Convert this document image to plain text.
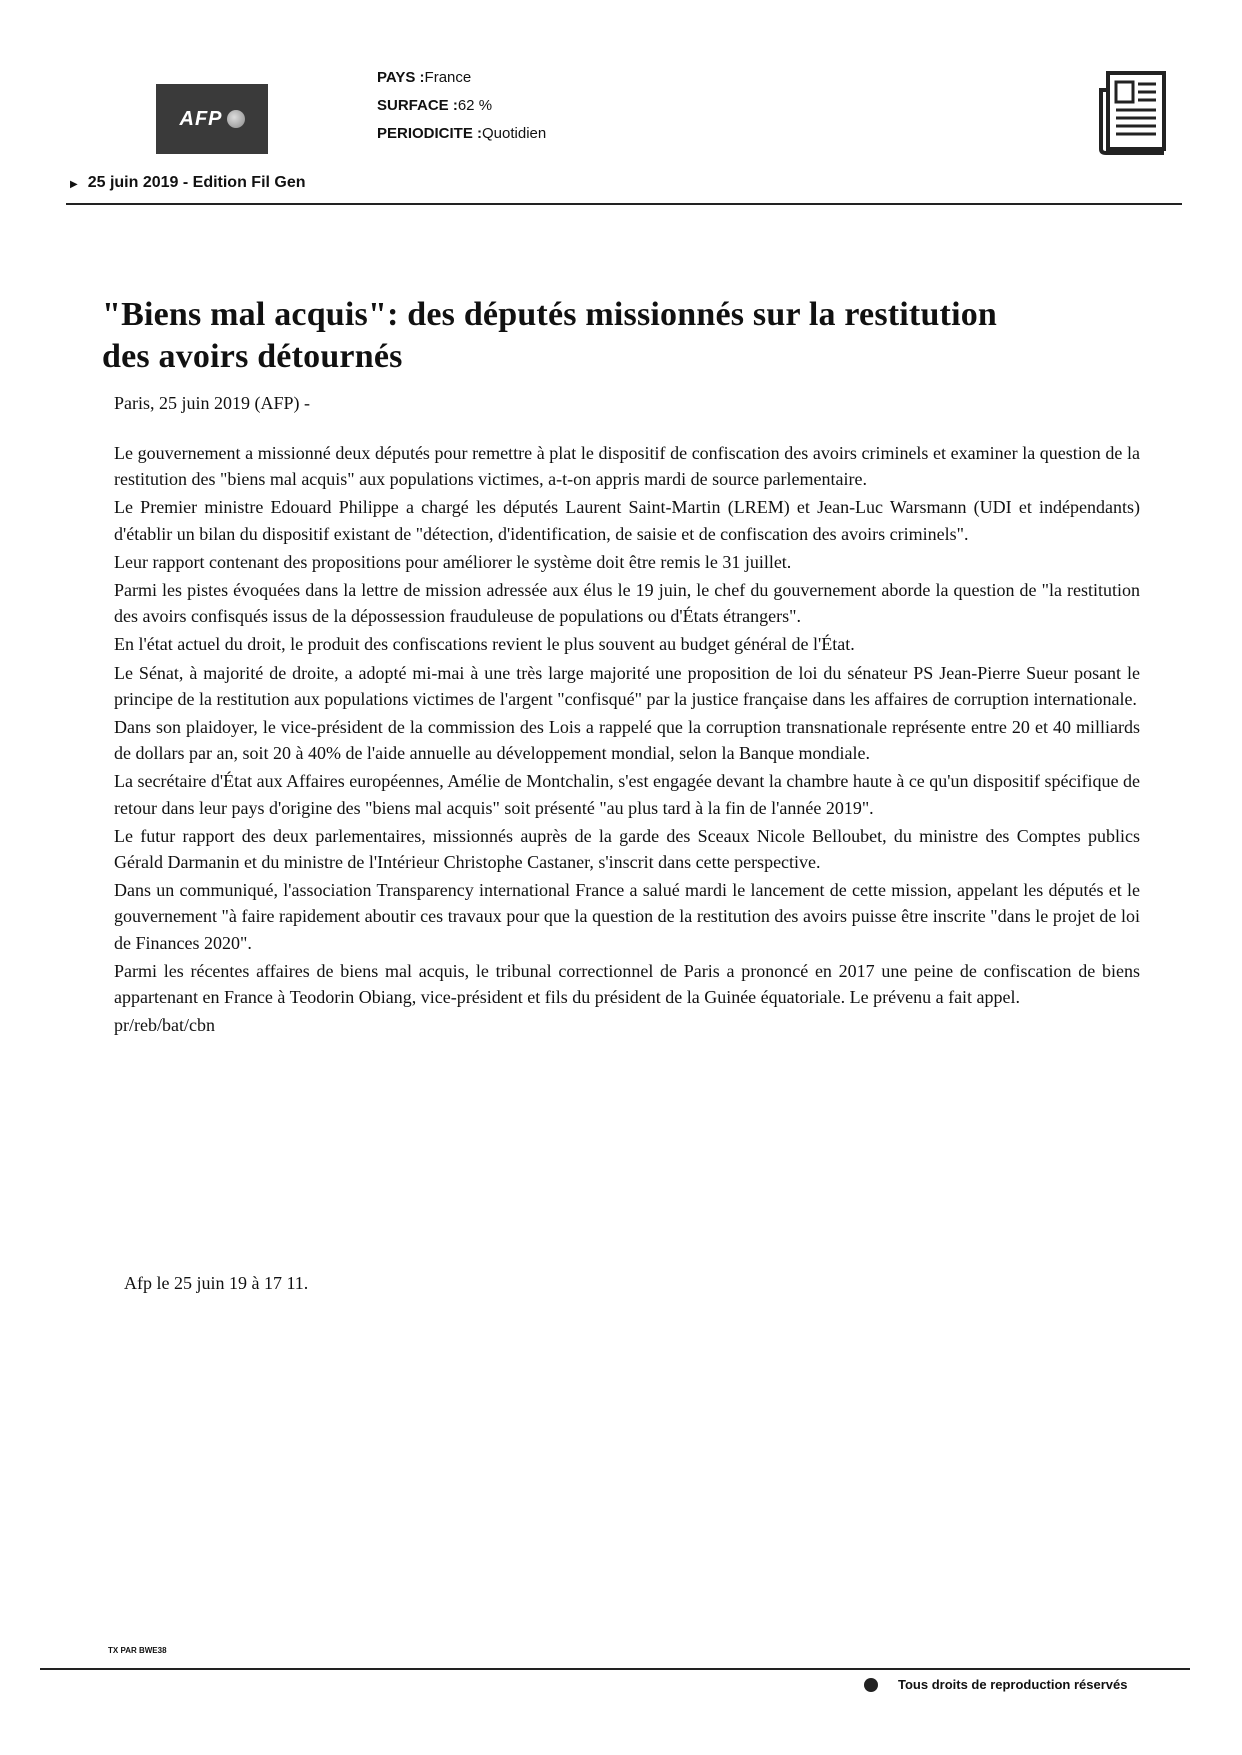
AFP
PAYS :France
SURFACE :62 %
PERIODICITE :Quotidien
▶ 25 juin 2019 - Edition Fil Gen
"Biens mal acquis": des députés missionnés sur la restitution des avoirs détournés
Paris, 25 juin 2019 (AFP) -

Le gouvernement a missionné deux députés pour remettre à plat le dispositif de confiscation des avoirs criminels et examiner la question de la restitution des "biens mal acquis" aux populations victimes, a-t-on appris mardi de source parlementaire.

Le Premier ministre Edouard Philippe a chargé les députés Laurent Saint-Martin (LREM) et Jean-Luc Warsmann (UDI et indépendants) d'établir un bilan du dispositif existant de "détection, d'identification, de saisie et de confiscation des avoirs criminels".

Leur rapport contenant des propositions pour améliorer le système doit être remis le 31 juillet.

Parmi les pistes évoquées dans la lettre de mission adressée aux élus le 19 juin, le chef du gouvernement aborde la question de "la restitution des avoirs confisqués issus de la dépossession frauduleuse de populations ou d'États étrangers".

En l'état actuel du droit, le produit des confiscations revient le plus souvent au budget général de l'État.

Le Sénat, à majorité de droite, a adopté mi-mai à une très large majorité une proposition de loi du sénateur PS Jean-Pierre Sueur posant le principe de la restitution aux populations victimes de l'argent "confisqué" par la justice française dans les affaires de corruption internationale.

Dans son plaidoyer, le vice-président de la commission des Lois a rappelé que la corruption transnationale représente entre 20 et 40 milliards de dollars par an, soit 20 à 40% de l'aide annuelle au développement mondial, selon la Banque mondiale.

La secrétaire d'État aux Affaires européennes, Amélie de Montchalin, s'est engagée devant la chambre haute à ce qu'un dispositif spécifique de retour dans leur pays d'origine des "biens mal acquis" soit présenté "au plus tard à la fin de l'année 2019".

Le futur rapport des deux parlementaires, missionnés auprès de la garde des Sceaux Nicole Belloubet, du ministre des Comptes publics Gérald Darmanin et du ministre de l'Intérieur Christophe Castaner, s'inscrit dans cette perspective.

Dans un communiqué, l'association Transparency international France a salué mardi le lancement de cette mission, appelant les députés et le gouvernement "à faire rapidement aboutir ces travaux pour que la question de la restitution des avoirs puisse être inscrite "dans le projet de loi de Finances 2020".

Parmi les récentes affaires de biens mal acquis, le tribunal correctionnel de Paris a prononcé en 2017 une peine de confiscation de biens appartenant en France à Teodorin Obiang, vice-président et fils du président de la Guinée équatoriale. Le prévenu a fait appel.

pr/reb/bat/cbn

Afp le 25 juin 19 à 17 11.
TX PAR BWE38
Tous droits de reproduction réservés
